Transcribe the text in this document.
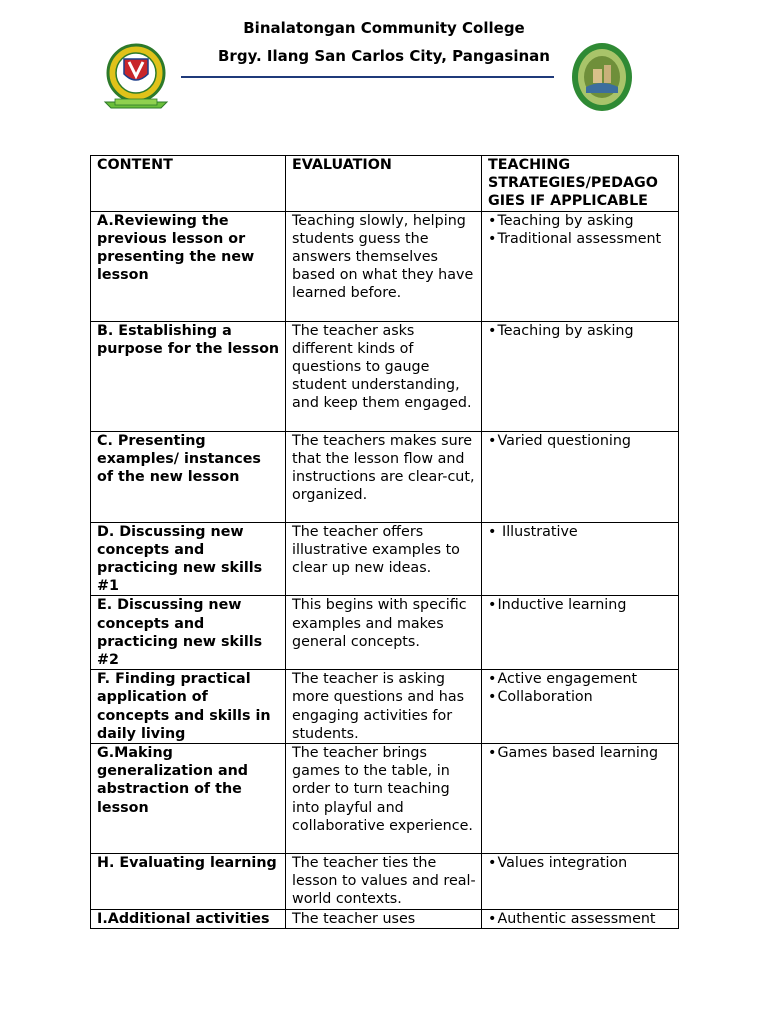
Binalatongan Community College
Brgy. Ilang San Carlos City, Pangasinan
CONTENT	EVALUATION	TEACHING STRATEGIES/PEDAGO GIES IF APPLICABLE
A.Reviewing the previous lesson or presenting the new lesson	Teaching slowly, helping students guess the answers themselves based on what they have learned before.	•Teaching by asking
•Traditional assessment

B. Establishing a purpose for the lesson	The teacher asks different kinds of questions to gauge student understanding, and keep them engaged.	•Teaching by asking

C. Presenting examples/ instances of the new lesson	The teachers makes sure that the lesson flow and instructions are clear-cut, organized.	•Varied questioning

D. Discussing new concepts and practicing new skills #1	The teacher offers illustrative examples to clear up new ideas.	• Illustrative

E. Discussing new concepts and practicing new skills #2	This begins with specific examples and makes general concepts.	•Inductive learning

F. Finding practical application of concepts and skills in daily living	The teacher is asking more questions and has engaging activities for students.	•Active engagement
•Collaboration

G.Making generalization and abstraction of the lesson	The teacher brings games to the table, in order to turn teaching into playful and collaborative experience.	•Games based learning

H. Evaluating learning	The teacher ties the lesson to values and real-world contexts.	•Values integration

I.Additional activities	The teacher uses	•Authentic assessment
